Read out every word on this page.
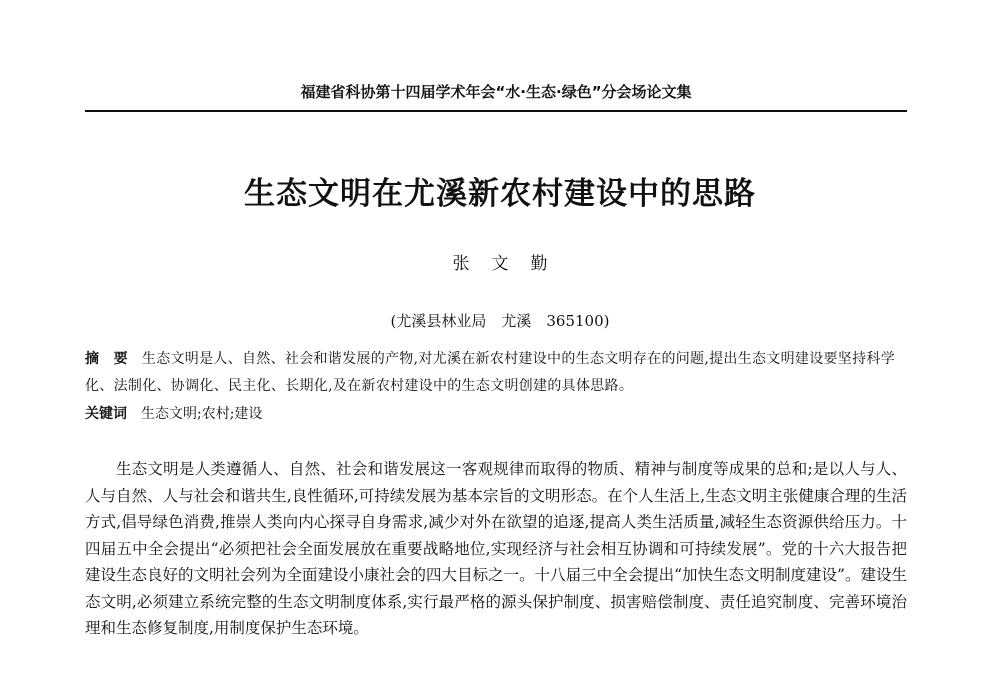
福建省科协第十四届学术年会“水·生态·绿色”分会场论文集
生态文明在尤溪新农村建设中的思路
张文勤
(尤溪县林业局　尤溪　365100)
摘　要 生态文明是人、自然、社会和谐发展的产物,对尤溪在新农村建设中的生态文明存在的问题,提出生态文明建设要坚持科学化、法制化、协调化、民主化、长期化,及在新农村建设中的生态文明创建的具体思路。
关键词 生态文明;农村;建设

生态文明是人类遵循人、自然、社会和谐发展这一客观规律而取得的物质、精神与制度等成果的总和;是以人与人、人与自然、人与社会和谐共生,良性循环,可持续发展为基本宗旨的文明形态。在个人生活上,生态文明主张健康合理的生活方式,倡导绿色消费,推崇人类向内心探寻自身需求,减少对外在欲望的追逐,提高人类生活质量,减轻生态资源供给压力。十四届五中全会提出“必须把社会全面发展放在重要战略地位,实现经济与社会相互协调和可持续发展”。党的十六大报告把建设生态良好的文明社会列为全面建设小康社会的四大目标之一。十八届三中全会提出“加快生态文明制度建设”。建设生态文明,必须建立系统完整的生态文明制度体系,实行最严格的源头保护制度、损害赔偿制度、责任追究制度、完善环境治理和生态修复制度,用制度保护生态环境。
